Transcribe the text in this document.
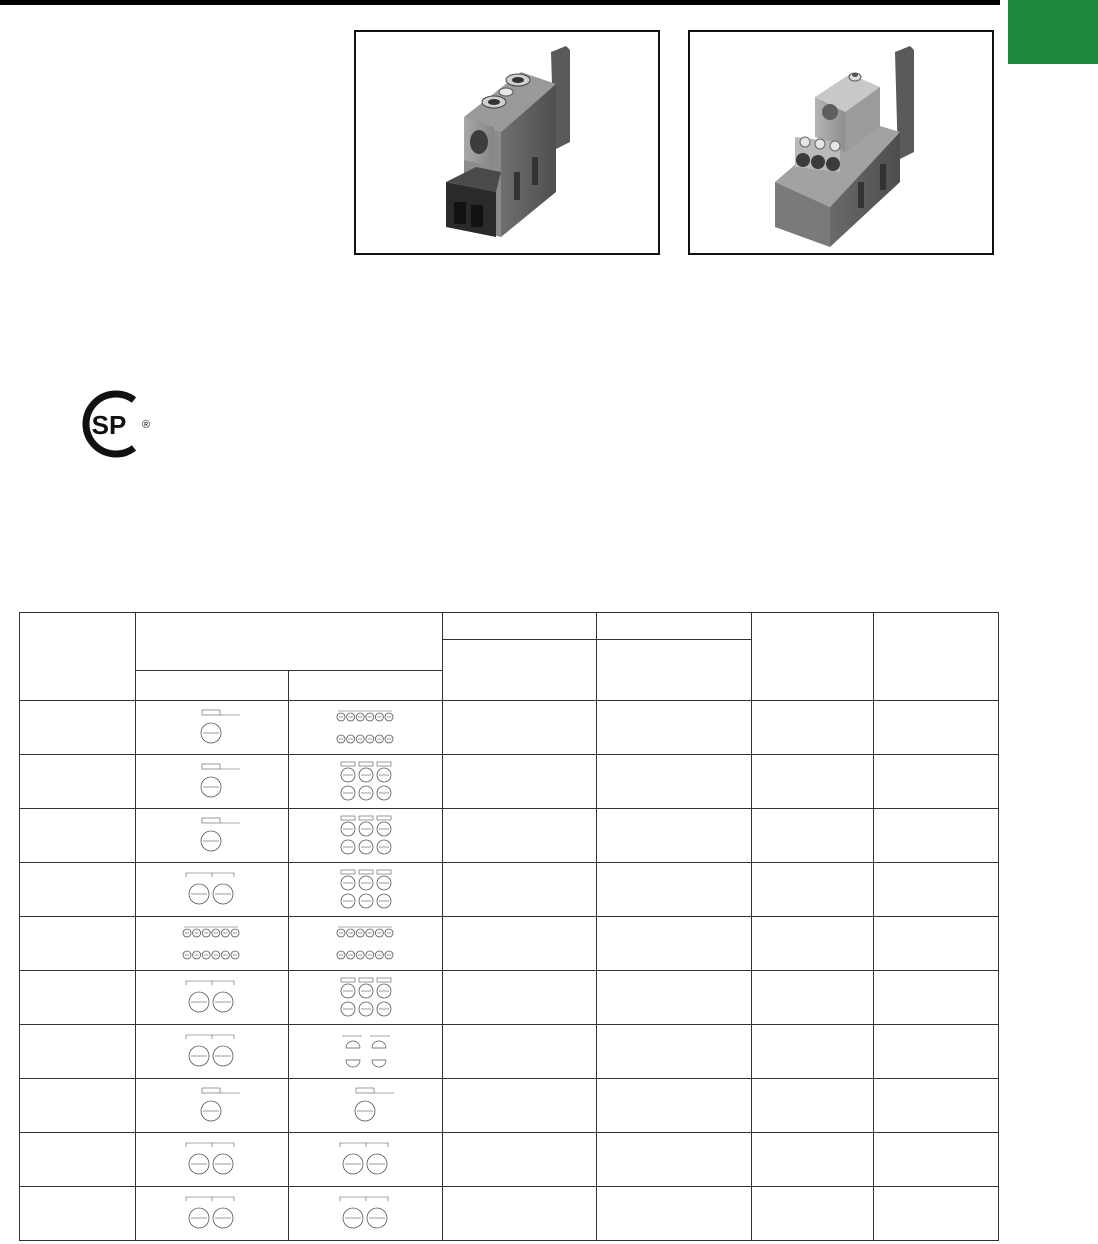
SP ®
